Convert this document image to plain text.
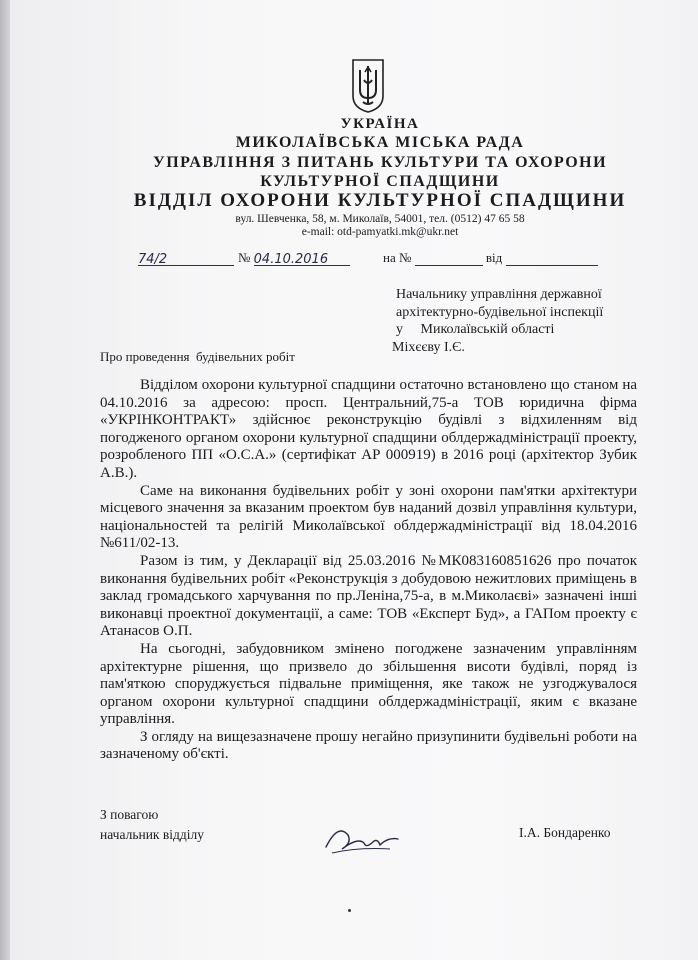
УКРАЇНА
МИКОЛАЇВСЬКА МІСЬКА РАДА
УПРАВЛІННЯ З ПИТАНЬ КУЛЬТУРИ ТА ОХОРОНИ
КУЛЬТУРНОЇ СПАДЩИНИ
ВІДДІЛ ОХОРОНИ КУЛЬТУРНОЇ СПАДЩИНИ
вул. Шевченка, 58, м. Миколаїв, 54001, тел. (0512) 47 65 58
e-mail: otd-pamyatki.mk@ukr.net
74/2	№ 04.10.2016	на №	від
Начальнику управління державної
архітектурно-будівельної інспекції
у     Миколаївській області
Міхєєву І.Є.
Про проведення  будівельних робіт

Відділом охорони культурної спадщини остаточно встановлено що станом на 04.10.2016 за адресою: просп. Центральний,75-а ТОВ юридична фірма «УКРІНКОНТРАКТ» здійснює реконструкцію будівлі з відхиленням від погодженого органом охорони культурної спадщини облдержадміністрації проекту, розробленого ПП «О.С.А.» (сертифікат АР 000919) в 2016 році (архітектор Зубик А.В.).

Саме на виконання будівельних робіт у зоні охорони пам'ятки архітектури місцевого значення за вказаним проектом був наданий дозвіл управління культури, національностей та релігій Миколаївської облдержадміністрації від 18.04.2016 №611/02-13.

Разом із тим, у Декларації від 25.03.2016 №МК083160851626 про початок виконання будівельних робіт «Реконструкція з добудовою нежитлових приміщень в заклад громадського харчування по пр.Леніна,75-а, в м.Миколаєві» зазначені інші виконавці проектної документації, а саме: ТОВ «Експерт Буд», а ГАПом проекту є Атанасов О.П.

На сьогодні, забудовником змінено погоджене зазначеним управлінням архітектурне рішення, що призвело до збільшення висоти будівлі, поряд із пам'яткою споруджується підвальне приміщення, яке також не узгоджувалося органом охорони культурної спадщини облдержадміністрації, яким є вказане управління.

З огляду на вищезазначене прошу негайно призупинити будівельні роботи на зазначеному об'єкті.

З повагою
начальник відділу	І.А. Бондаренко
